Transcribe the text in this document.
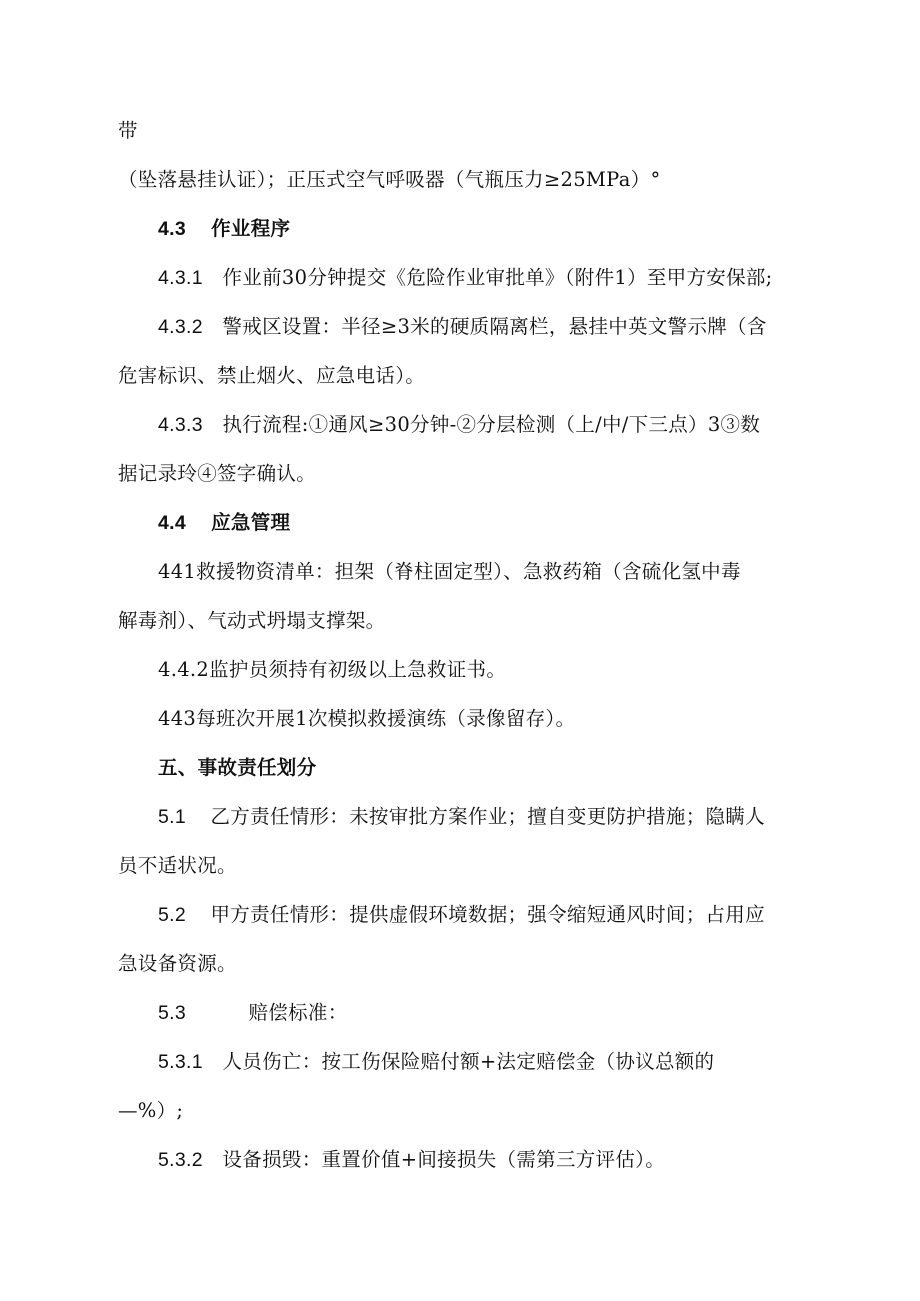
带
（坠落悬挂认证）；正压式空气呼吸器（气瓶压力≥25MPa）°
4.3 作业程序
4.3.1 作业前30分钟提交《危险作业审批单》（附件1）至甲方安保部;
4.3.2 警戒区设置：半径≥3米的硬质隔离栏，悬挂中英文警示牌（含
危害标识、禁止烟火、应急电话）。
4.3.3 执行流程:①通风≥30分钟-②分层检测（上/中/下三点）3③数
据记录玲④签字确认。
4.4 应急管理
441救援物资清单：担架（脊柱固定型）、急救药箱（含硫化氢中毒
解毒剂）、气动式坍塌支撑架。
4.4.2监护员须持有初级以上急救证书。
443每班次开展1次模拟救援演练（录像留存）。
五、事故责任划分
5.1 乙方责任情形：未按审批方案作业；擅自变更防护措施；隐瞒人
员不适状况。
5.2 甲方责任情形：提供虚假环境数据；强令缩短通风时间；占用应
急设备资源。
5.3	赔偿标准：
5.3.1 人员伤亡：按工伤保险赔付额+法定赔偿金（协议总额的
—%）;
5.3.2 设备损毁：重置价值+间接损失（需第三方评估）。
